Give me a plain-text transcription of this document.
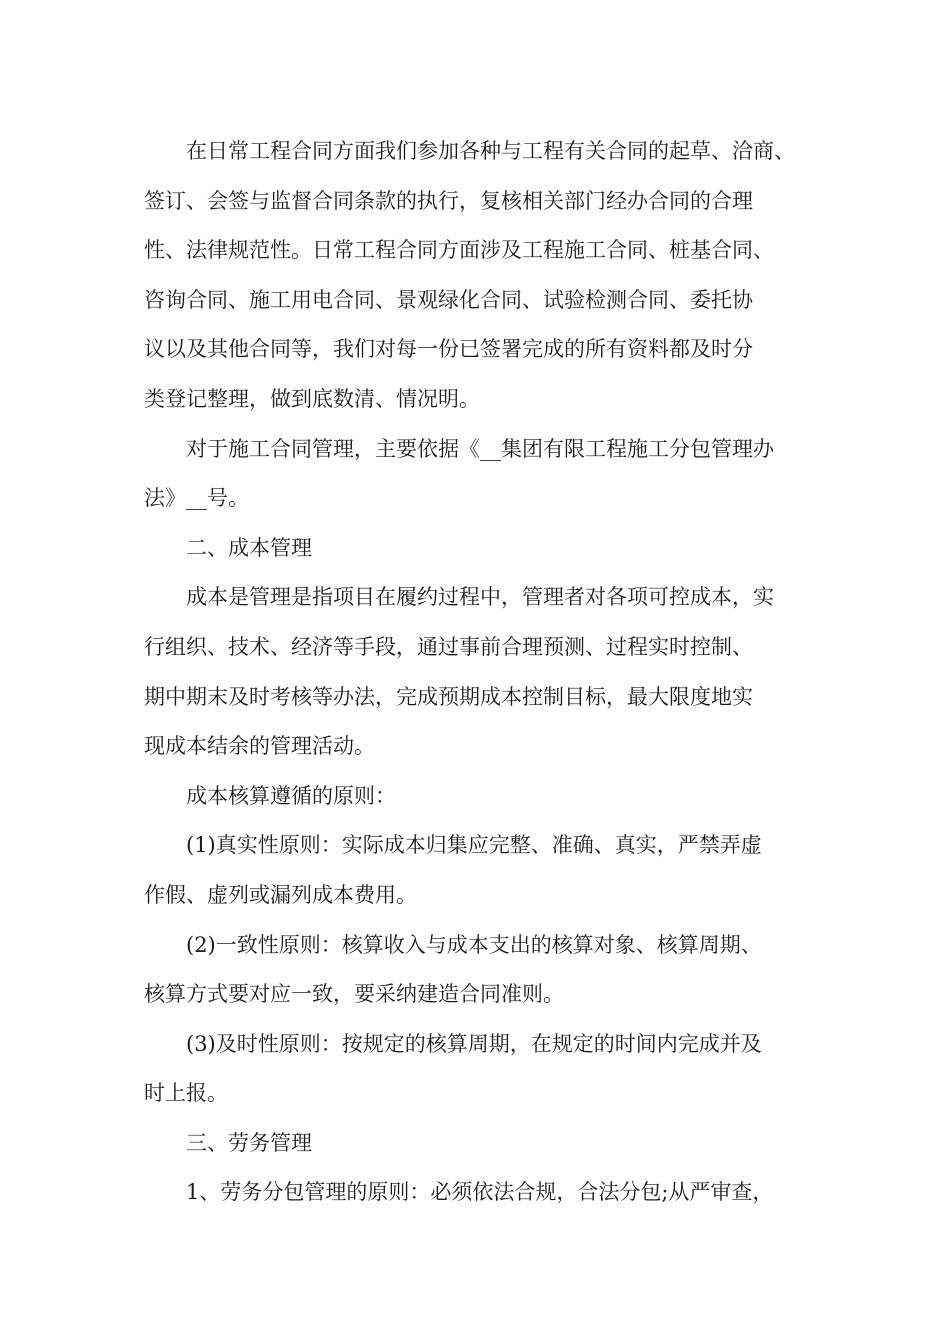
在日常工程合同方面我们参加各种与工程有关合同的起草、洽商、
签订、会签与监督合同条款的执行，复核相关部门经办合同的合理
性、法律规范性。日常工程合同方面涉及工程施工合同、桩基合同、
咨询合同、施工用电合同、景观绿化合同、试验检测合同、委托协
议以及其他合同等，我们对每一份已签署完成的所有资料都及时分
类登记整理，做到底数清、情况明。

对于施工合同管理，主要依据《__集团有限工程施工分包管理办
法》__号。

二、成本管理

成本是管理是指项目在履约过程中，管理者对各项可控成本，实
行组织、技术、经济等手段，通过事前合理预测、过程实时控制、
期中期末及时考核等办法，完成预期成本控制目标，最大限度地实
现成本结余的管理活动。

成本核算遵循的原则：

(1)真实性原则：实际成本归集应完整、准确、真实，严禁弄虚
作假、虚列或漏列成本费用。

(2)一致性原则：核算收入与成本支出的核算对象、核算周期、
核算方式要对应一致，要采纳建造合同准则。

(3)及时性原则：按规定的核算周期，在规定的时间内完成并及
时上报。

三、劳务管理

1、劳务分包管理的原则：必须依法合规，合法分包;从严审查，
